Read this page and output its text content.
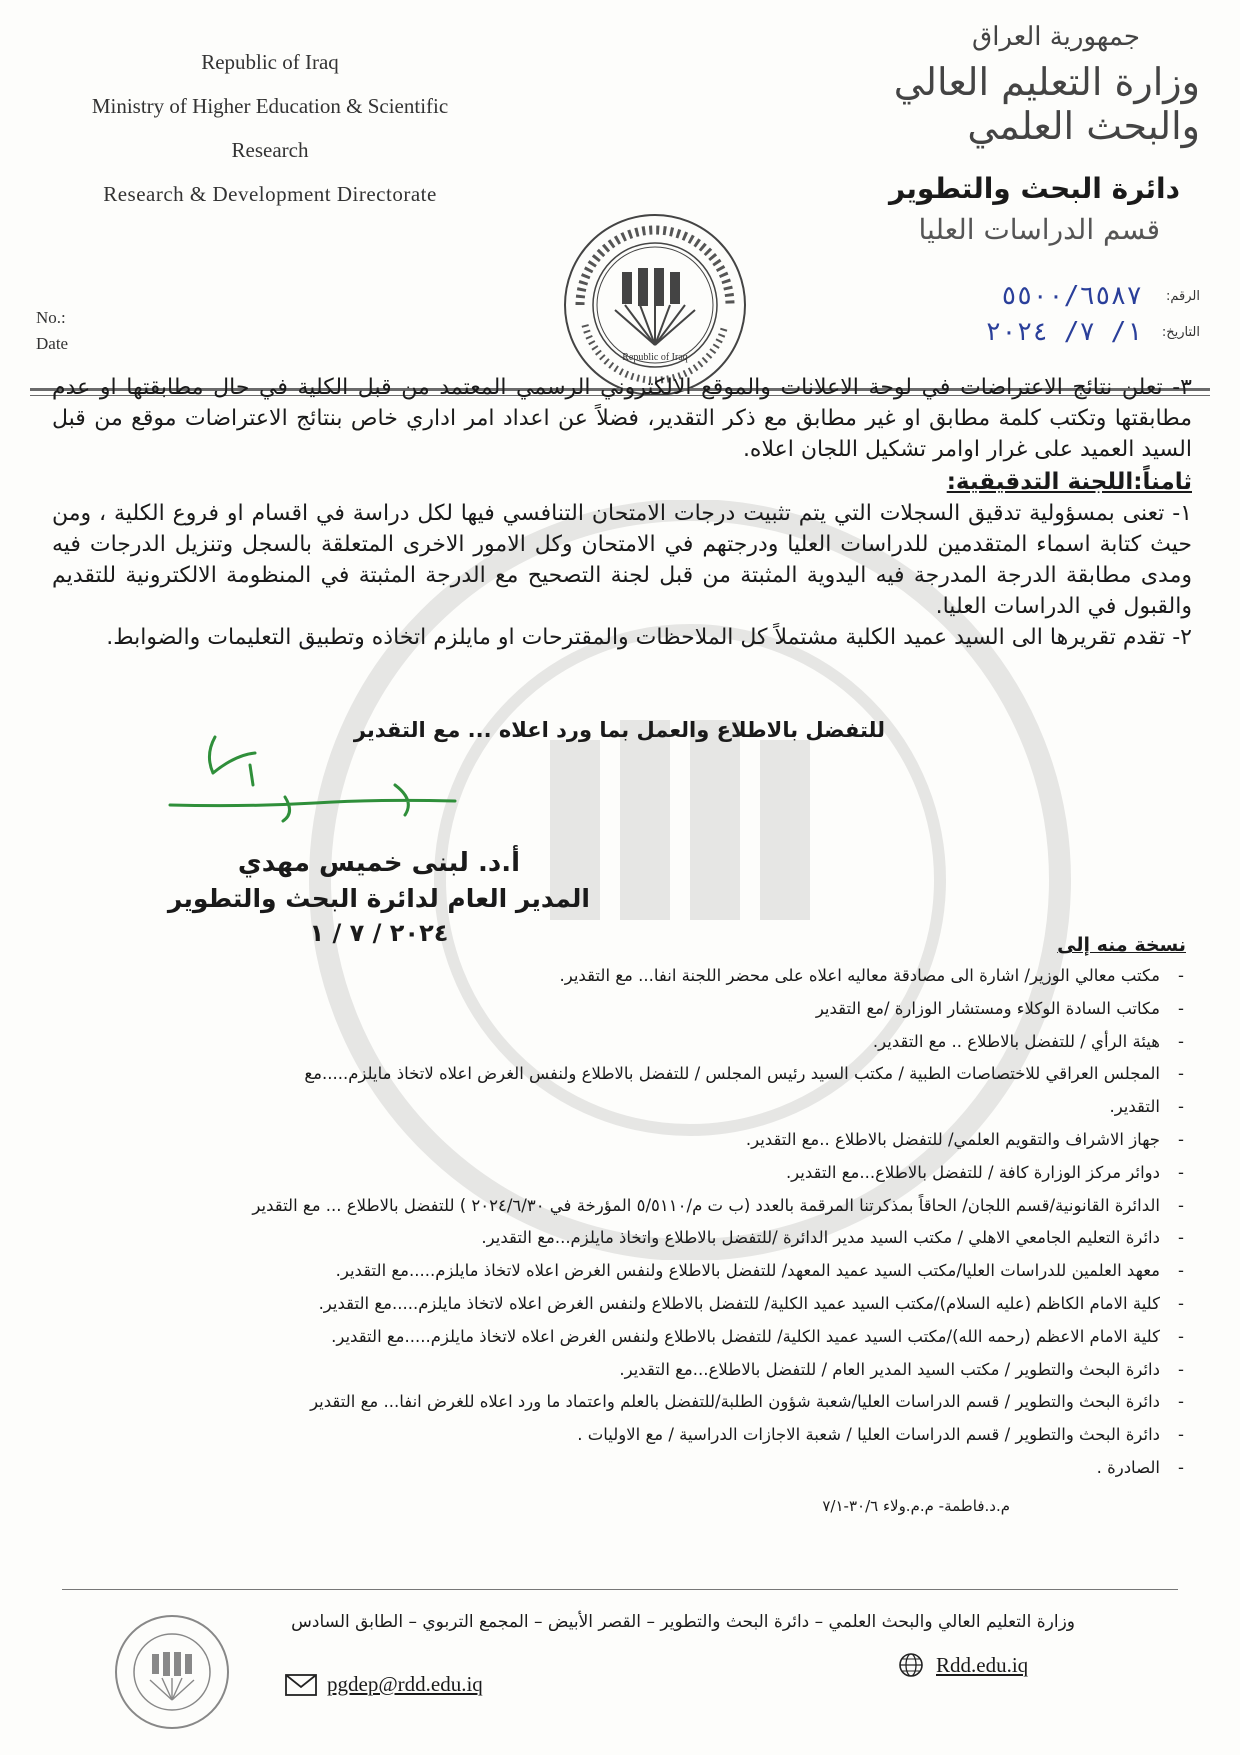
Republic of Iraq
Ministry of Higher Education & Scientific
Research
Research & Development Directorate
جمهورية العراق
وزارة التعليم العالي والبحث العلمي
دائرة البحث والتطوير
قسم الدراسات العليا
Republic of Iraq
No.:
Date
الرقم:
٥٥٠٠/٦٥٨٧
التاريخ:
١/ ٧/ ٢٠٢٤

٣- تعلن نتائج الاعتراضات في لوحة الاعلانات والموقع الالكتروني الرسمي المعتمد من قبل الكلية في حال مطابقتها او عدم مطابقتها وتكتب كلمة مطابق او غير مطابق مع ذكر التقدير، فضلاً عن اعداد امر اداري خاص بنتائج الاعتراضات موقع من قبل السيد العميد على غرار اوامر تشكيل اللجان اعلاه.

ثامناً:اللجنة التدقيقية:

١- تعنى بمسؤولية تدقيق السجلات التي يتم تثبيت درجات الامتحان التنافسي فيها لكل دراسة في اقسام او فروع الكلية ، ومن حيث كتابة اسماء المتقدمين للدراسات العليا ودرجتهم في الامتحان وكل الامور الاخرى المتعلقة بالسجل وتنزيل الدرجات فيه ومدى مطابقة الدرجة المدرجة فيه اليدوية المثبتة من قبل لجنة التصحيح مع الدرجة المثبتة في المنظومة الالكترونية للتقديم والقبول في الدراسات العليا.

٢- تقدم تقريرها الى السيد عميد الكلية مشتملاً كل الملاحظات والمقترحات او مايلزم اتخاذه وتطبيق التعليمات والضوابط.

للتفضل بالاطلاع والعمل بما ورد اعلاه ... مع التقدير
أ.د. لبنى خميس مهدي
المدير العام لدائرة البحث والتطوير
٢٠٢٤ / ٧ / ١	نسخة منه إلى
- مكتب معالي الوزير/ اشارة الى مصادقة معاليه اعلاه على محضر اللجنة انفا... مع التقدير.
- مكاتب السادة الوكلاء ومستشار الوزارة /مع التقدير
- هيئة الرأي / للتفضل بالاطلاع .. مع التقدير.
- المجلس العراقي للاختصاصات الطبية / مكتب السيد رئيس المجلس / للتفضل بالاطلاع ولنفس الغرض اعلاه لاتخاذ مايلزم.....مع
- التقدير.
- جهاز الاشراف والتقويم العلمي/ للتفضل بالاطلاع ..مع التقدير.
- دوائر مركز الوزارة كافة / للتفضل بالاطلاع...مع التقدير.
- الدائرة القانونية/قسم اللجان/ الحاقاً بمذكرتنا المرقمة بالعدد (ب ت م/٥/٥١١٠ المؤرخة في ٢٠٢٤/٦/٣٠ ) للتفضل بالاطلاع ... مع التقدير
- دائرة التعليم الجامعي الاهلي / مكتب السيد مدير الدائرة /للتفضل بالاطلاع واتخاذ مايلزم...مع التقدير.
- معهد العلمين للدراسات العليا/مكتب السيد عميد المعهد/ للتفضل بالاطلاع ولنفس الغرض اعلاه لاتخاذ مايلزم.....مع التقدير.
- كلية الامام الكاظم (عليه السلام)/مكتب السيد عميد الكلية/ للتفضل بالاطلاع ولنفس الغرض اعلاه لاتخاذ مايلزم.....مع التقدير.
- كلية الامام الاعظم (رحمه الله)/مكتب السيد عميد الكلية/ للتفضل بالاطلاع ولنفس الغرض اعلاه لاتخاذ مايلزم.....مع التقدير.
- دائرة البحث والتطوير / مكتب السيد المدير العام / للتفضل بالاطلاع...مع التقدير.
- دائرة البحث والتطوير / قسم الدراسات العليا/شعبة شؤون الطلبة/للتفضل بالعلم واعتماد ما ورد اعلاه للغرض انفا... مع التقدير
- دائرة البحث والتطوير / قسم الدراسات العليا / شعبة الاجازات الدراسية / مع الاوليات .
- الصادرة .
م.د.فاطمة- م.م.ولاء ٣٠/٦-٧/١
وزارة التعليم العالي والبحث العلمي – دائرة البحث والتطوير – القصر الأبيض – المجمع التربوي – الطابق السادس
Rdd.edu.iq
pgdep@rdd.edu.iq
